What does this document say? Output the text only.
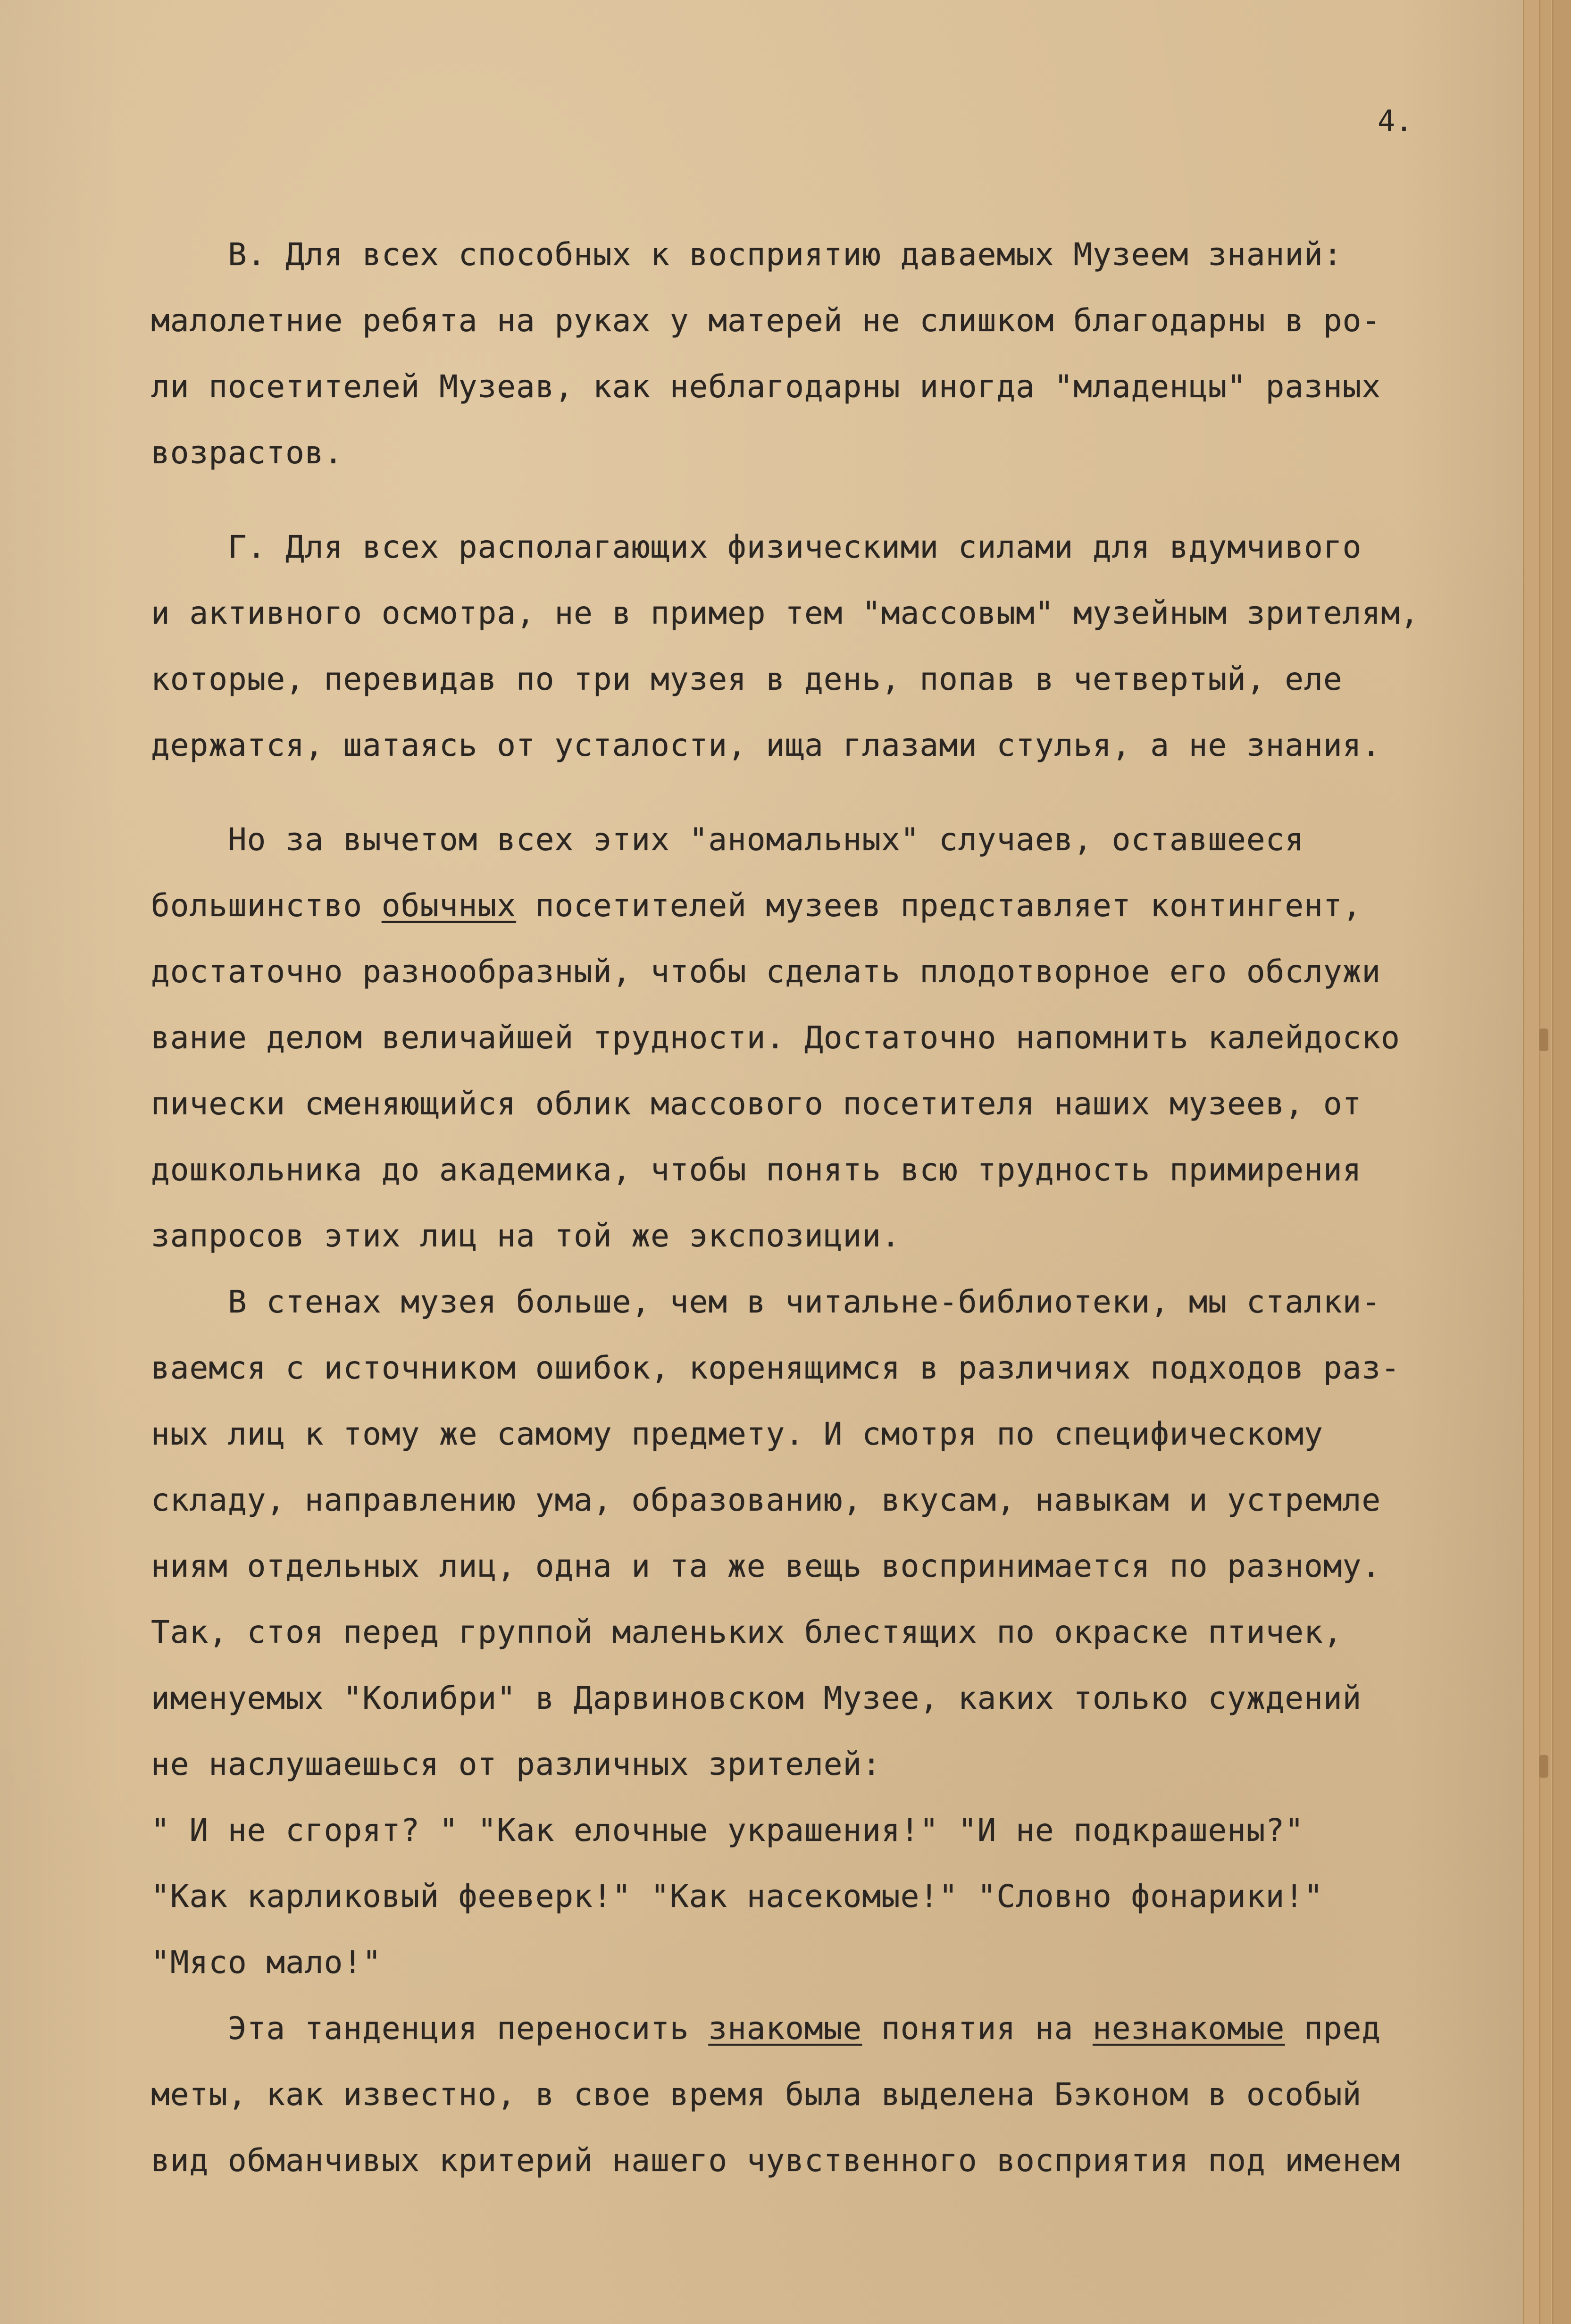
4.

В. Для всех способных к восприятию даваемых Музеем знаний:

малолетние ребята на руках у матерей не слишком благодарны в ро-

ли посетителей Музеав, как неблагодарны иногда "младенцы" разных

возрастов.

Г. Для всех располагающих физическими силами для вдумчивого

и активного осмотра, не в пример тем "массовым" музейным зрителям,

которые, перевидав по три музея в день, попав в четвертый, еле

держатся, шатаясь от усталости, ища глазами стулья, а не знания.

Но за вычетом всех этих "аномальных" случаев, оставшееся

большинство обычных посетителей музеев представляет контингент,

достаточно разнообразный, чтобы сделать плодотворное его обслужи

вание делом величайшей трудности. Достаточно напомнить калейдоско

пически сменяющийся облик массового посетителя наших музеев, от

дошкольника до академика, чтобы понять всю трудность примирения

запросов этих лиц на той же экспозиции.

В стенах музея больше, чем в читальне-библиотеки, мы сталки-

ваемся с источником ошибок, коренящимся в различиях подходов раз-

ных лиц к тому же самому предмету. И смотря по специфическому

складу, направлению ума, образованию, вкусам, навыкам и устремле

ниям отдельных лиц, одна и та же вещь воспринимается по разному.

Так, стоя перед группой маленьких блестящих по окраске птичек,

именуемых "Колибри" в Дарвиновском Музее, каких только суждений

не наслушаешься от различных зрителей:

" И не сгорят? " "Как елочные украшения!" "И не подкрашены?"

"Как карликовый фееверк!" "Как насекомые!" "Словно фонарики!"

"Мясо мало!"

Эта танденция переносить знакомые понятия на незнакомые пред

меты, как известно, в свое время была выделена Бэконом в особый

вид обманчивых критерий нашего чувственного восприятия под именем
